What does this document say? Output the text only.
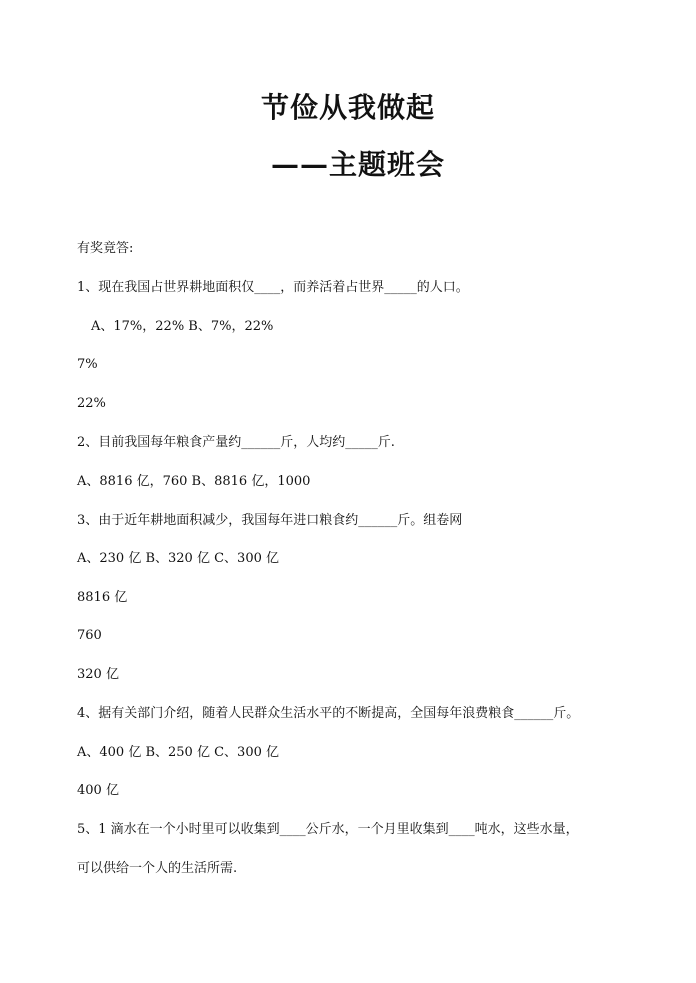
节俭从我做起
——主题班会
有奖竟答:
1、现在我国占世界耕地面积仅____，而养活着占世界_____的人口。
A、17%，22% B、7%，22%
7%
22%
2、目前我国每年粮食产量约______斤，人均约_____斤.
A、8816 亿，760 B、8816 亿，1000
3、由于近年耕地面积减少，我国每年进口粮食约______斤。组卷网
A、230 亿 B、320 亿 C、300 亿
8816 亿
760
320 亿
4、据有关部门介绍，随着人民群众生活水平的不断提高，全国每年浪费粮食______斤。
A、400 亿 B、250 亿 C、300 亿
400 亿
5、1 滴水在一个小时里可以收集到____公斤水，一个月里收集到____吨水，这些水量，
可以供给一个人的生活所需.
